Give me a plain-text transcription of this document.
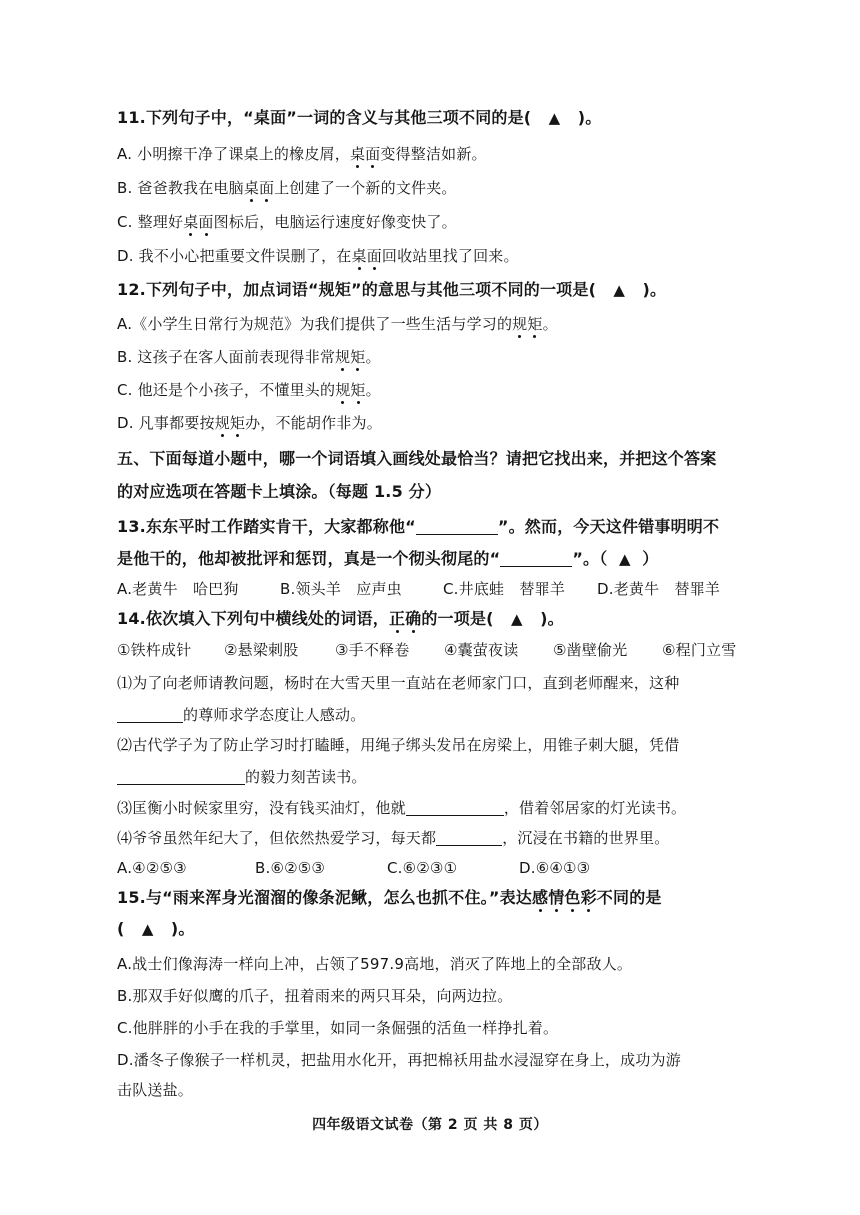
11.下列句子中，“桌面”一词的含义与其他三项不同的是( ▲ )。
A. 小明擦干净了课桌上的橡皮屑，桌面变得整洁如新。
B. 爸爸教我在电脑桌面上创建了一个新的文件夹。
C. 整理好桌面图标后，电脑运行速度好像变快了。
D. 我不小心把重要文件误删了，在桌面回收站里找了回来。
12.下列句子中，加点词语“规矩”的意思与其他三项不同的一项是( ▲ )。
A.《小学生日常行为规范》为我们提供了一些生活与学习的规矩。
B. 这孩子在客人面前表现得非常规矩。
C. 他还是个小孩子，不懂里头的规矩。
D. 凡事都要按规矩办，不能胡作非为。
五、下面每道小题中，哪一个词语填入画线处最恰当？请把它找出来，并把这个答案
的对应选项在答题卡上填涂。（每题 1.5 分）
13.东东平时工作踏实肯干，大家都称他“	”。然而，今天这件错事明明不
是他干的，他却被批评和惩罚，真是一个彻头彻尾的“	”。（ ▲ ）
A.老黄牛　哈巴狗	B.领头羊　应声虫	C.井底蛙　替罪羊 D.老黄牛　替罪羊
14.依次填入下列句中横线处的词语，正确的一项是( ▲ )。
①铁杵成针 ②悬梁刺股 ③手不释卷 ④囊萤夜读 ⑤凿壁偷光 ⑥程门立雪
⑴为了向老师请教问题，杨时在大雪天里一直站在老师家门口，直到老师醒来，这种
的尊师求学态度让人感动。
⑵古代学子为了防止学习时打瞌睡，用绳子绑头发吊在房梁上，用锥子刺大腿，凭借
的毅力刻苦读书。
⑶匡衡小时候家里穷，没有钱买油灯，他就	，借着邻居家的灯光读书。
⑷爷爷虽然年纪大了，但依然热爱学习，每天都	，沉浸在书籍的世界里。
A.④②⑤③	B.⑥②⑤③	C.⑥②③①	D.⑥④①③
15.与“雨来浑身光溜溜的像条泥鳅，怎么也抓不住。”表达感情色彩不同的是
( ▲ )。
A.战士们像海涛一样向上冲，占领了597.9高地，消灭了阵地上的全部敌人。
B.那双手好似鹰的爪子，扭着雨来的两只耳朵，向两边拉。
C.他胖胖的小手在我的手掌里，如同一条倔强的活鱼一样挣扎着。
D.潘冬子像猴子一样机灵，把盐用水化开，再把棉袄用盐水浸湿穿在身上，成功为游
击队送盐。
四年级语文试卷（第 2 页 共 8 页）
